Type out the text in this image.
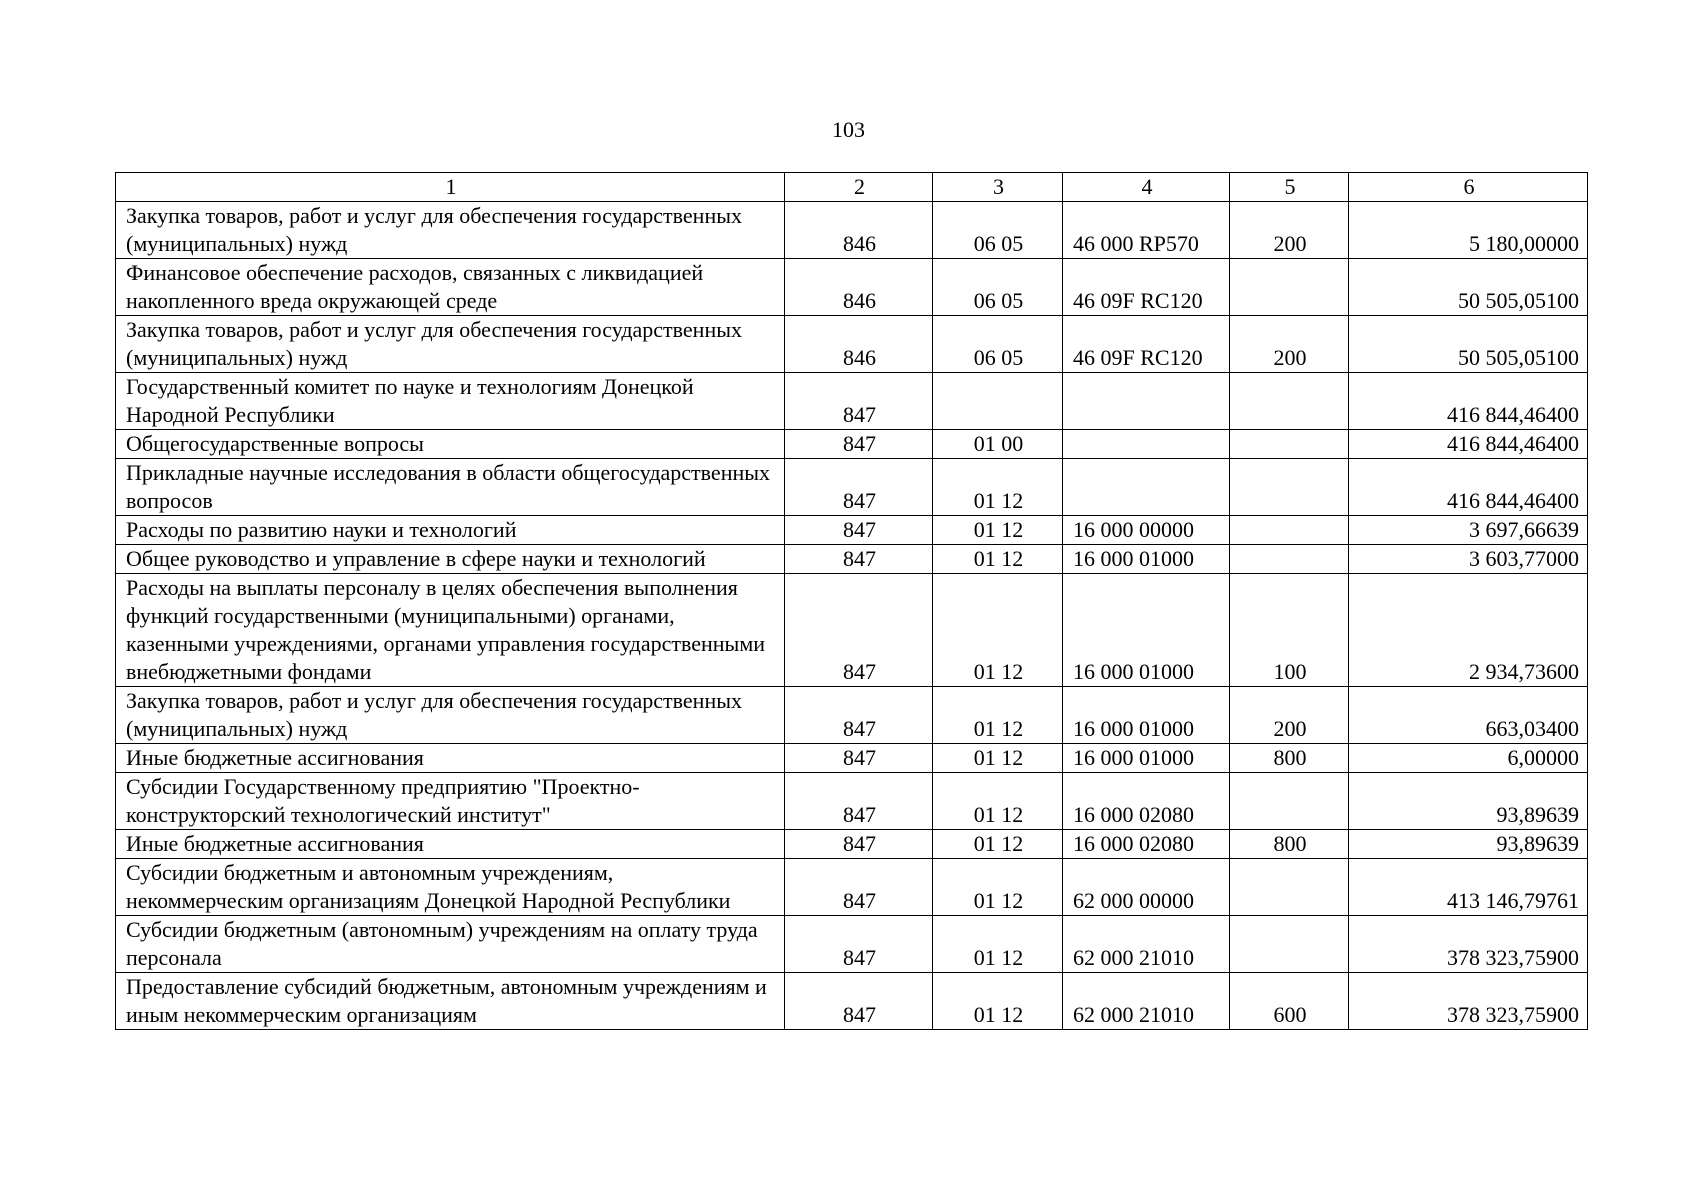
103
1	2	3	4	5	6
Закупка товаров, работ и услуг для обеспечения государственных (муниципальных) нужд	846	06 05	46 000 RP570	200	5 180,00000
Финансовое обеспечение расходов, связанных с ликвидацией накопленного вреда окружающей среде	846	06 05	46 09F RC120		50 505,05100
Закупка товаров, работ и услуг для обеспечения государственных (муниципальных) нужд	846	06 05	46 09F RC120	200	50 505,05100
Государственный комитет по науке и технологиям Донецкой Народной Республики	847				416 844,46400
Общегосударственные вопросы	847	01 00			416 844,46400
Прикладные научные исследования в области общегосударственных вопросов	847	01 12			416 844,46400
Расходы по развитию науки и технологий	847	01 12	16 000 00000		3 697,66639
Общее руководство и управление в сфере науки и технологий	847	01 12	16 000 01000		3 603,77000
Расходы на выплаты персоналу в целях обеспечения выполнения функций государственными (муниципальными) органами, казенными учреждениями, органами управления государственными внебюджетными фондами	847	01 12	16 000 01000	100	2 934,73600
Закупка товаров, работ и услуг для обеспечения государственных (муниципальных) нужд	847	01 12	16 000 01000	200	663,03400
Иные бюджетные ассигнования	847	01 12	16 000 01000	800	6,00000
Субсидии Государственному предприятию "Проектно-конструкторский технологический институт"	847	01 12	16 000 02080		93,89639
Иные бюджетные ассигнования	847	01 12	16 000 02080	800	93,89639
Субсидии бюджетным и автономным учреждениям, некоммерческим организациям Донецкой Народной Республики	847	01 12	62 000 00000		413 146,79761
Субсидии бюджетным (автономным) учреждениям на оплату труда персонала	847	01 12	62 000 21010		378 323,75900
Предоставление субсидий бюджетным, автономным учреждениям и иным некоммерческим организациям	847	01 12	62 000 21010	600	378 323,75900
